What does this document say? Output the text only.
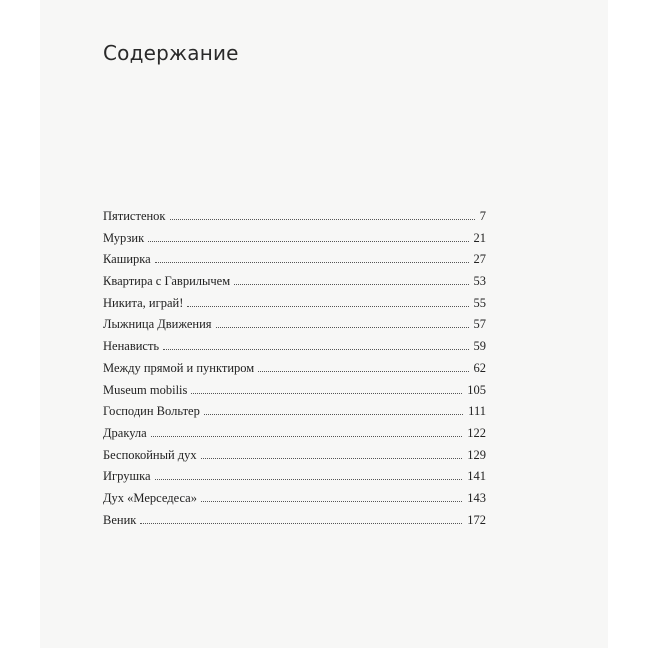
Содержание
Пятистенок	7
Мурзик	21
Каширка	27
Квартира с Гаврилычем	53
Никита, играй!	55
Лыжница Движения	57
Ненависть	59
Между прямой и пунктиром	62
Museum mobilis	105
Господин Вольтер	111
Дракула	122
Беспокойный дух	129
Игрушка	141
Дух «Мерседеса»	143
Веник	172
